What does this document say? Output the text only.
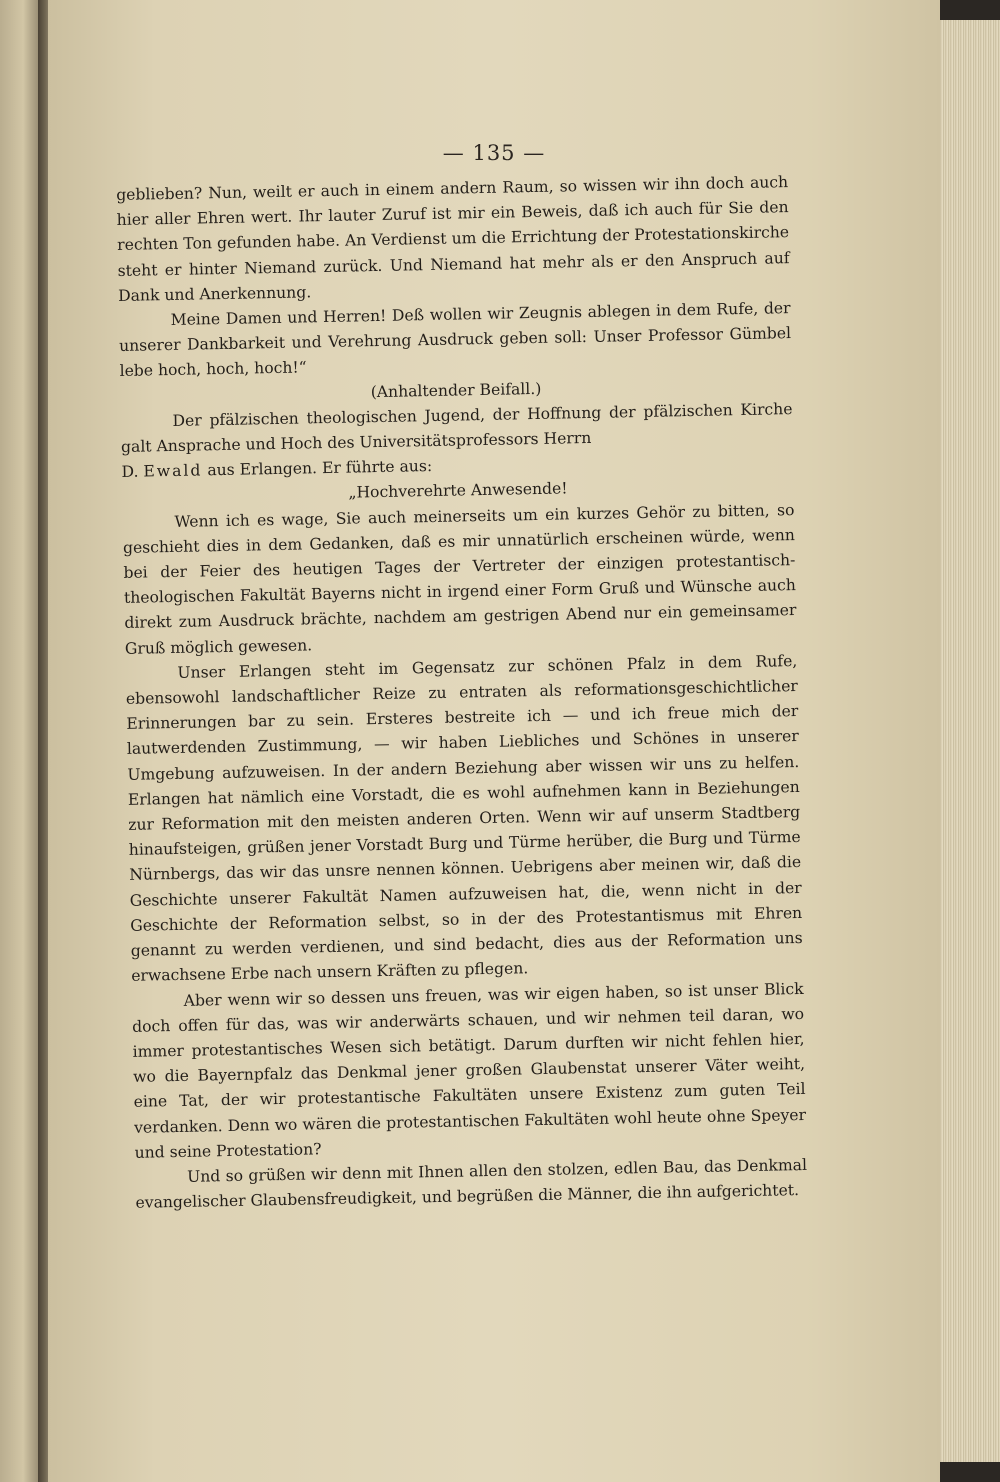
— 135 —

geblieben? Nun, weilt er auch in einem andern Raum, so wissen wir ihn doch auch hier aller Ehren wert. Ihr lauter Zuruf ist mir ein Beweis, daß ich auch für Sie den rechten Ton gefunden habe. An Verdienst um die Errichtung der Protestationskirche steht er hinter Niemand zurück. Und Niemand hat mehr als er den Anspruch auf Dank und Anerkennung.

Meine Damen und Herren! Deß wollen wir Zeugnis ablegen in dem Rufe, der unserer Dankbarkeit und Verehrung Ausdruck geben soll: Unser Professor Gümbel lebe hoch, hoch, hoch!“

(Anhaltender Beifall.)

Der pfälzischen theologischen Jugend, der Hoffnung der pfälzischen Kirche galt Ansprache und Hoch des Universitätsprofessors Herrn

D. Ewald aus Erlangen. Er führte aus:

„Hochverehrte Anwesende!

Wenn ich es wage, Sie auch meinerseits um ein kurzes Gehör zu bitten, so geschieht dies in dem Gedanken, daß es mir unnatürlich erscheinen würde, wenn bei der Feier des heutigen Tages der Vertreter der einzigen protestantisch-theologischen Fakultät Bayerns nicht in irgend einer Form Gruß und Wünsche auch direkt zum Ausdruck brächte, nachdem am gestrigen Abend nur ein gemeinsamer Gruß möglich gewesen.

Unser Erlangen steht im Gegensatz zur schönen Pfalz in dem Rufe, ebensowohl landschaftlicher Reize zu entraten als reformationsgeschichtlicher Erinnerungen bar zu sein. Ersteres bestreite ich — und ich freue mich der lautwerdenden Zustimmung, — wir haben Liebliches und Schönes in unserer Umgebung aufzuweisen. In der andern Beziehung aber wissen wir uns zu helfen. Erlangen hat nämlich eine Vorstadt, die es wohl aufnehmen kann in Beziehungen zur Reformation mit den meisten anderen Orten. Wenn wir auf unserm Stadtberg hinaufsteigen, grüßen jener Vorstadt Burg und Türme herüber, die Burg und Türme Nürnbergs, das wir das unsre nennen können. Uebrigens aber meinen wir, daß die Geschichte unserer Fakultät Namen aufzuweisen hat, die, wenn nicht in der Geschichte der Reformation selbst, so in der des Protestantismus mit Ehren genannt zu werden verdienen, und sind bedacht, dies aus der Reformation uns erwachsene Erbe nach unsern Kräften zu pflegen.

Aber wenn wir so dessen uns freuen, was wir eigen haben, so ist unser Blick doch offen für das, was wir anderwärts schauen, und wir nehmen teil daran, wo immer protestantisches Wesen sich betätigt. Darum durften wir nicht fehlen hier, wo die Bayernpfalz das Denkmal jener großen Glaubenstat unserer Väter weiht, eine Tat, der wir protestantische Fakultäten unsere Existenz zum guten Teil verdanken. Denn wo wären die protestantischen Fakultäten wohl heute ohne Speyer und seine Protestation?

Und so grüßen wir denn mit Ihnen allen den stolzen, edlen Bau, das Denkmal evangelischer Glaubensfreudigkeit, und begrüßen die Männer, die ihn aufgerichtet.
